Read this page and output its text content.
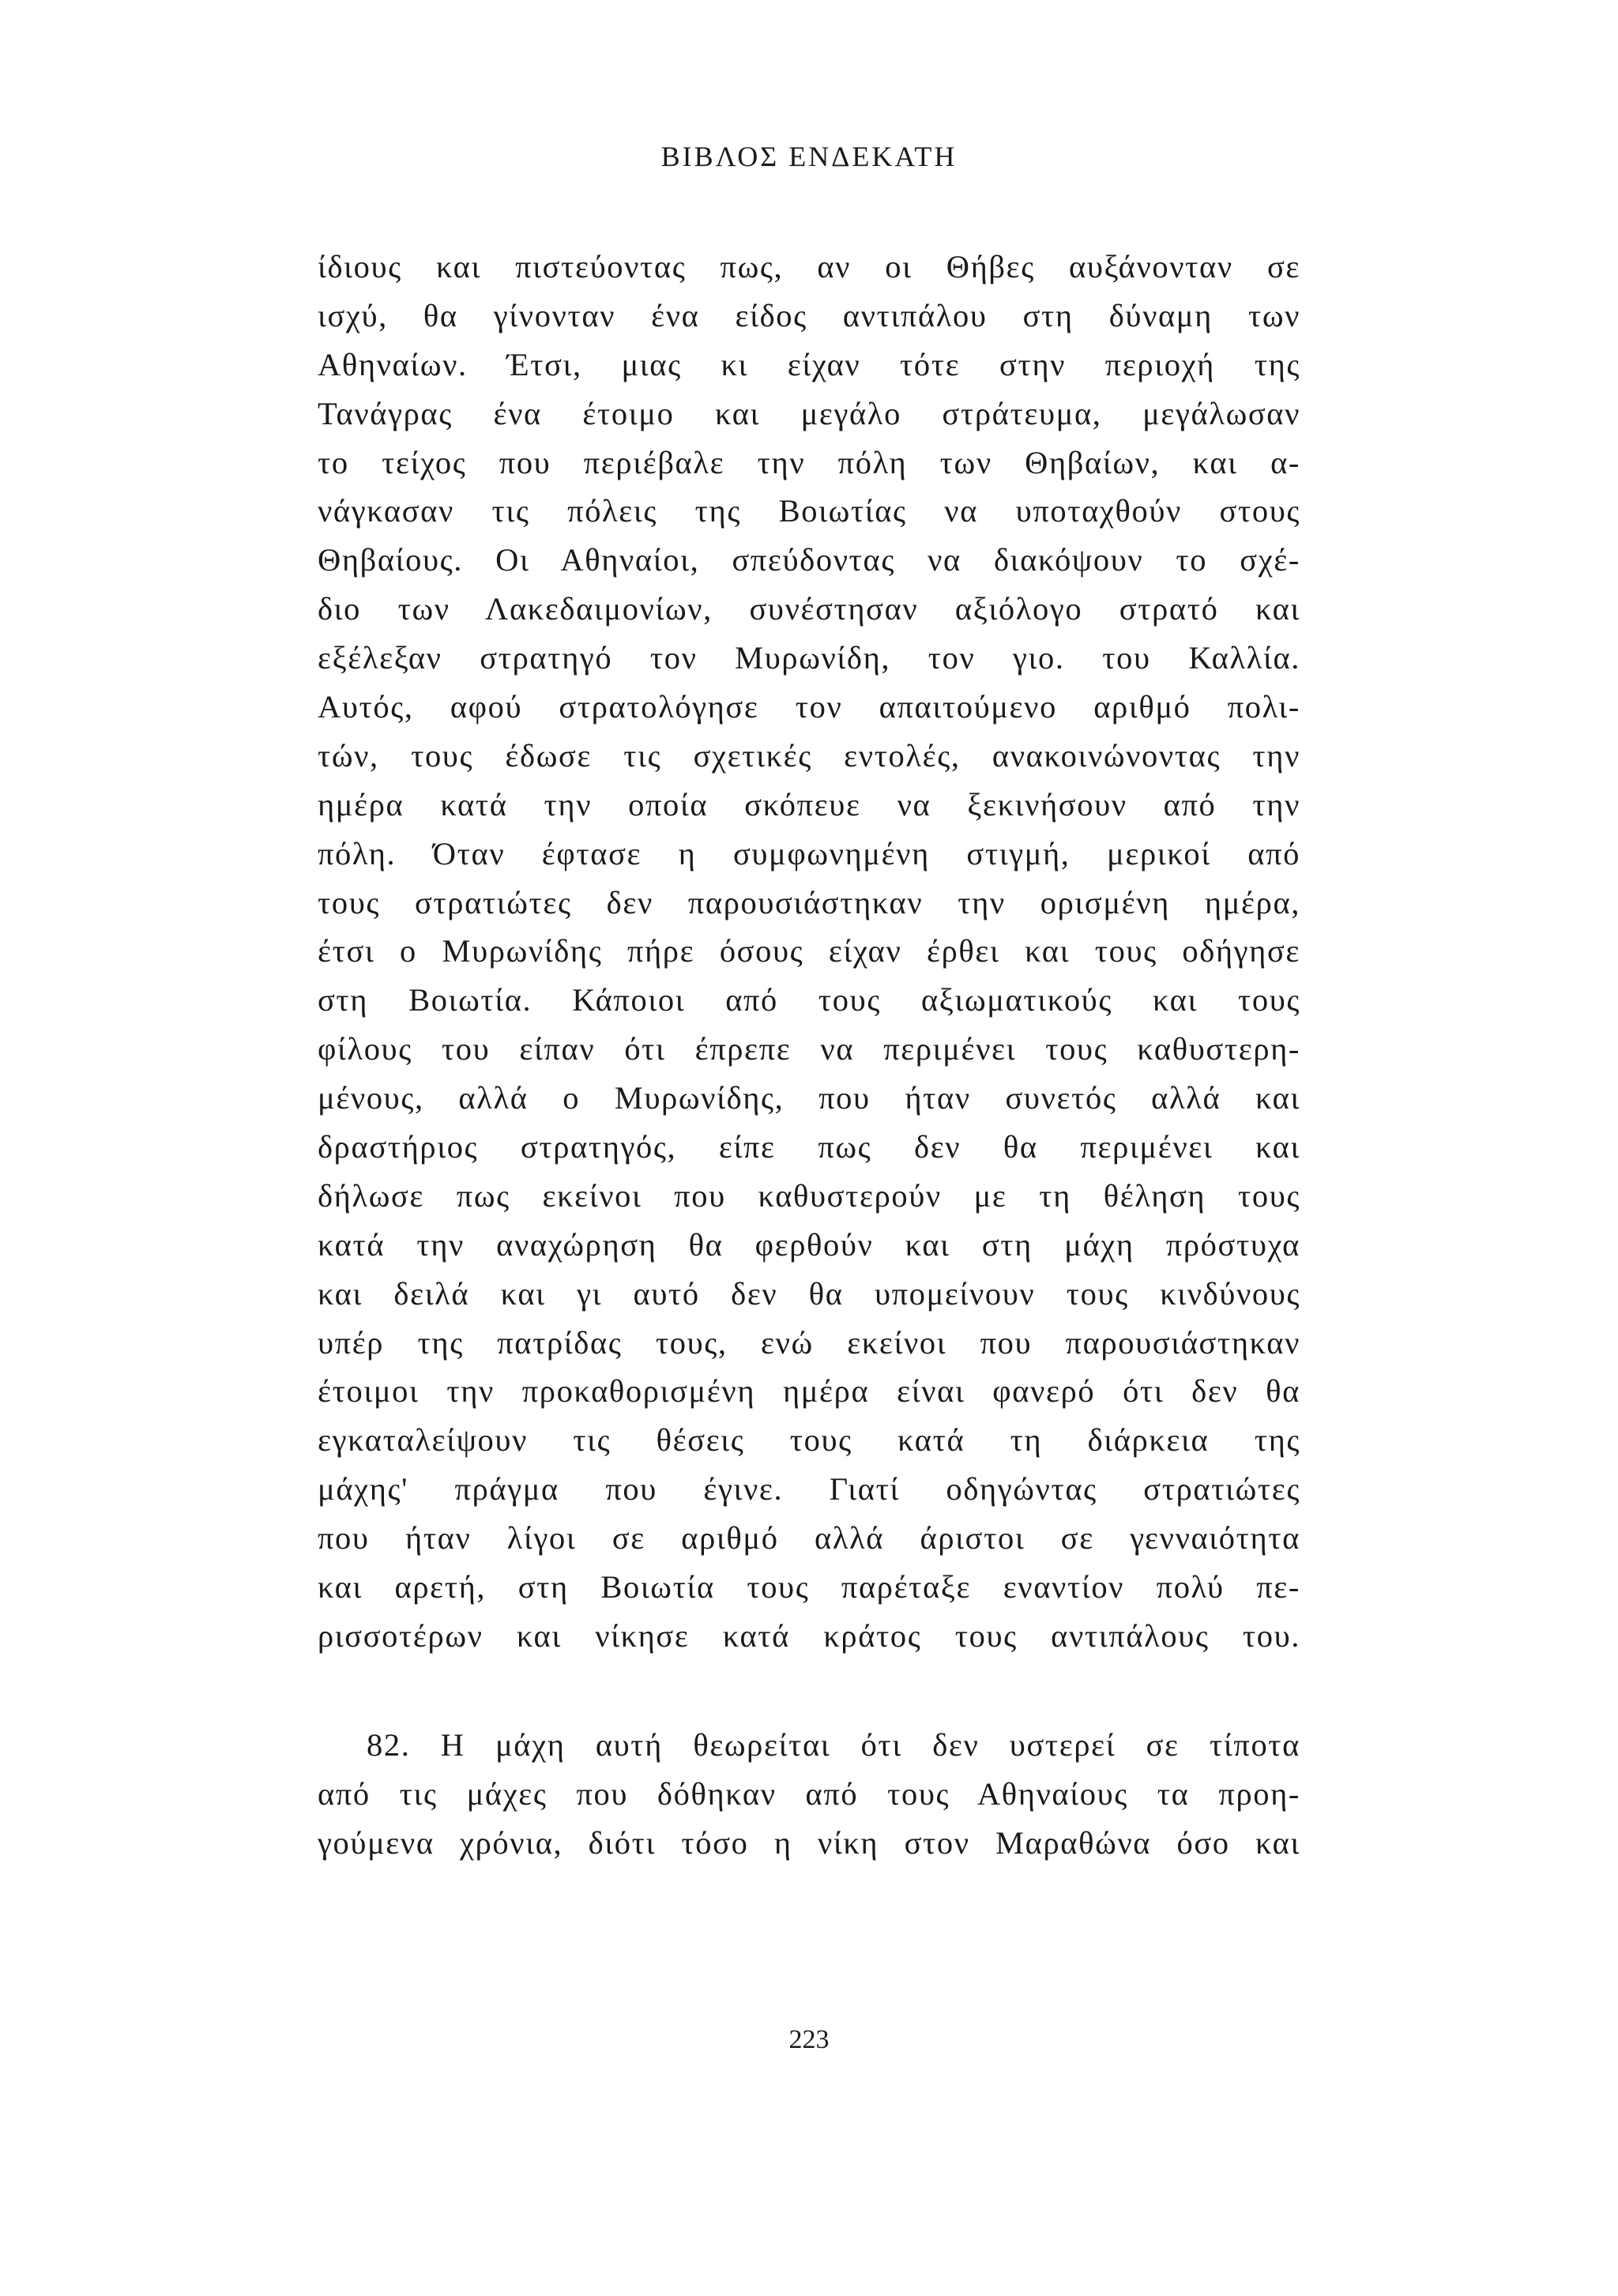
ΒΙΒΛΟΣ ΕΝΔΕΚΑΤΗ
ίδιους και πιστεύοντας πως, αν οι Θήβες αυξάνονταν σε
ισχύ, θα γίνονταν ένα είδος αντιπάλου στη δύναμη των
Αθηναίων. Έτσι, μιας κι είχαν τότε στην περιοχή της
Τανάγρας ένα έτοιμο και μεγάλο στράτευμα, μεγάλωσαν
το τείχος που περιέβαλε την πόλη των Θηβαίων, και α-
νάγκασαν τις πόλεις της Βοιωτίας να υποταχθούν στους
Θηβαίους. Οι Αθηναίοι, σπεύδοντας να διακόψουν το σχέ-
διο των Λακεδαιμονίων, συνέστησαν αξιόλογο στρατό και
εξέλεξαν στρατηγό τον Μυρωνίδη, τον γιο. του Καλλία.
Αυτός, αφού στρατολόγησε τον απαιτούμενο αριθμό πολι-
τών, τους έδωσε τις σχετικές εντολές, ανακοινώνοντας την
ημέρα κατά την οποία σκόπευε να ξεκινήσουν από την
πόλη. Όταν έφτασε η συμφωνημένη στιγμή, μερικοί από
τους στρατιώτες δεν παρουσιάστηκαν την ορισμένη ημέρα,
έτσι ο Μυρωνίδης πήρε όσους είχαν έρθει και τους οδήγησε
στη Βοιωτία. Κάποιοι από τους αξιωματικούς και τους
φίλους του είπαν ότι έπρεπε να περιμένει τους καθυστερη-
μένους, αλλά ο Μυρωνίδης, που ήταν συνετός αλλά και
δραστήριος στρατηγός, είπε πως δεν θα περιμένει και
δήλωσε πως εκείνοι που καθυστερούν με τη θέληση τους
κατά την αναχώρηση θα φερθούν και στη μάχη πρόστυχα
και δειλά και γι αυτό δεν θα υπομείνουν τους κινδύνους
υπέρ της πατρίδας τους, ενώ εκείνοι που παρουσιάστηκαν
έτοιμοι την προκαθορισμένη ημέρα είναι φανερό ότι δεν θα
εγκαταλείψουν τις θέσεις τους κατά τη διάρκεια της
μάχης' πράγμα που έγινε. Γιατί οδηγώντας στρατιώτες
που ήταν λίγοι σε αριθμό αλλά άριστοι σε γενναιότητα
και αρετή, στη Βοιωτία τους παρέταξε εναντίον πολύ πε-
ρισσοτέρων και νίκησε κατά κράτος τους αντιπάλους του.
82. Η μάχη αυτή θεωρείται ότι δεν υστερεί σε τίποτα
από τις μάχες που δόθηκαν από τους Αθηναίους τα προη-
γούμενα χρόνια, διότι τόσο η νίκη στον Μαραθώνα όσο και
223
